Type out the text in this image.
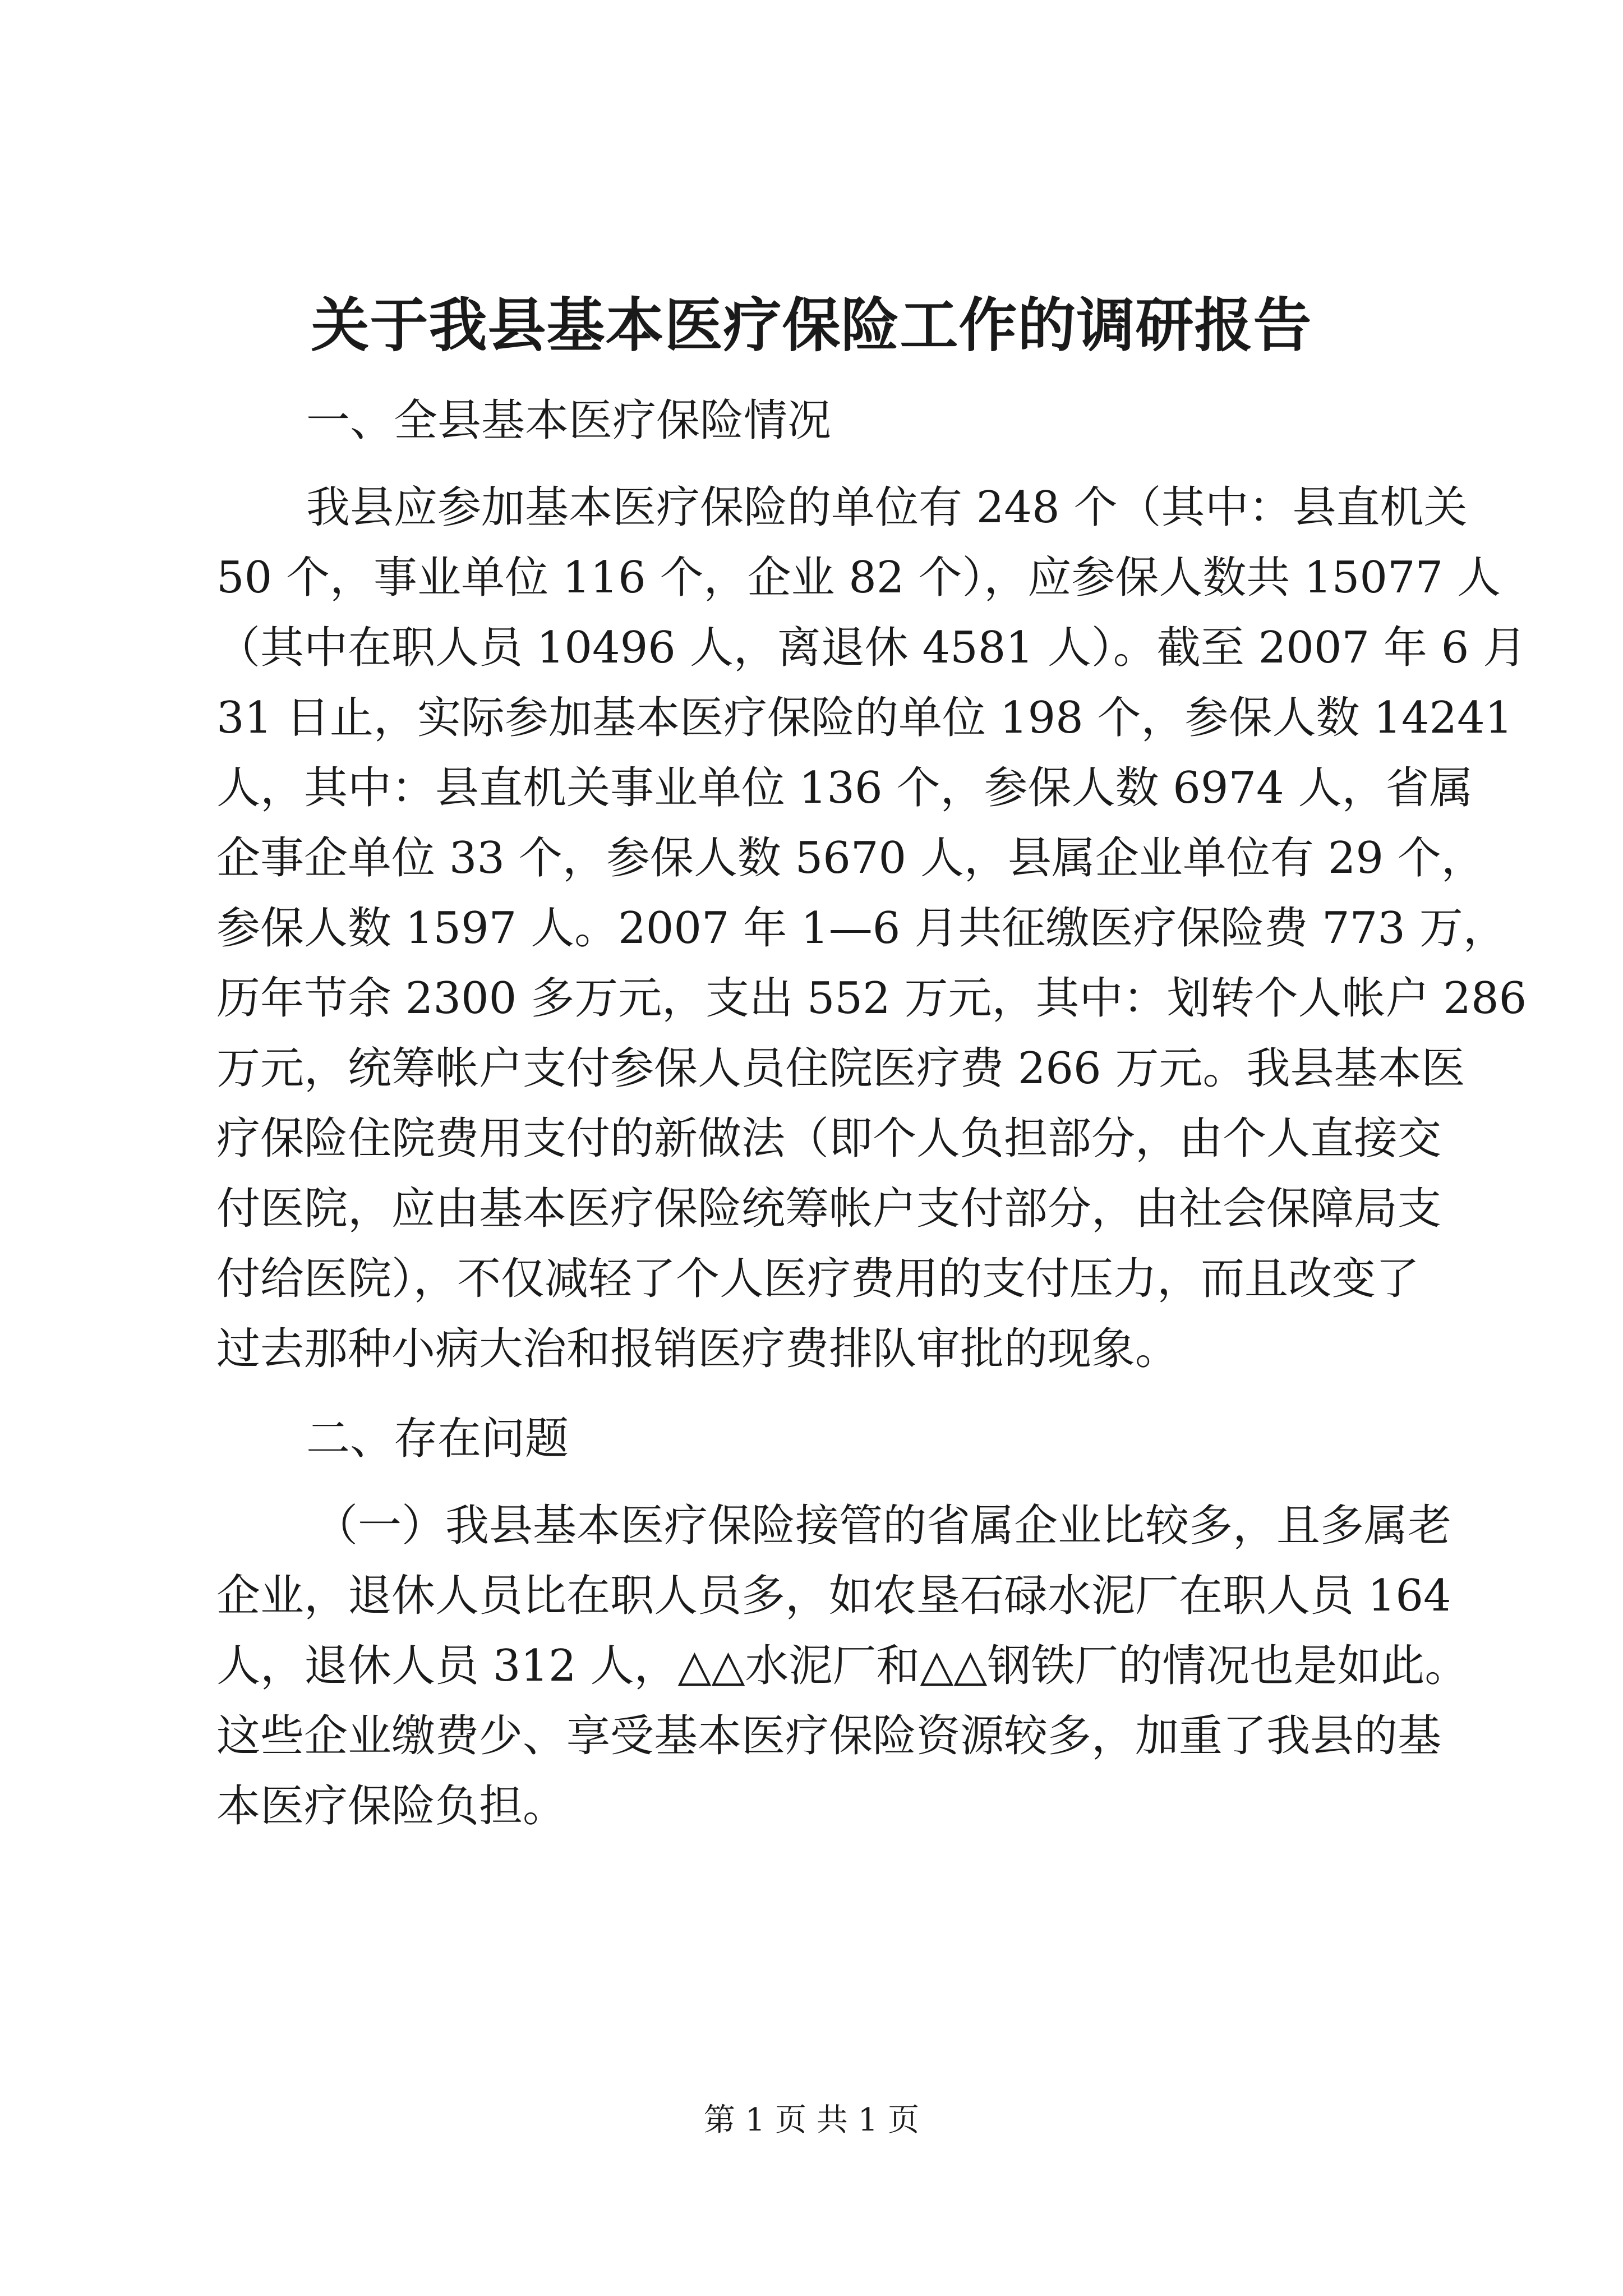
关于我县基本医疗保险工作的调研报告
一、全县基本医疗保险情况
我县应参加基本医疗保险的单位有 248 个（其中：县直机关
50 个，事业单位 116 个，企业 82 个），应参保人数共 15077 人
（其中在职人员 10496 人，离退休 4581 人）。截至 2007 年 6 月
31 日止，实际参加基本医疗保险的单位 198 个，参保人数 14241
人，其中：县直机关事业单位 136 个，参保人数 6974 人，省属
企事企单位 33 个，参保人数 5670 人，县属企业单位有 29 个，
参保人数 1597 人。2007 年 1—6 月共征缴医疗保险费 773 万，
历年节余 2300 多万元，支出 552 万元，其中：划转个人帐户 286
万元，统筹帐户支付参保人员住院医疗费 266 万元。我县基本医
疗保险住院费用支付的新做法（即个人负担部分，由个人直接交
付医院，应由基本医疗保险统筹帐户支付部分，由社会保障局支
付给医院），不仅减轻了个人医疗费用的支付压力，而且改变了
过去那种小病大治和报销医疗费排队审批的现象。
二、存在问题
（一）我县基本医疗保险接管的省属企业比较多，且多属老
企业，退休人员比在职人员多，如农垦石碌水泥厂在职人员 164
人，退休人员 312 人，△△水泥厂和△△钢铁厂的情况也是如此。
这些企业缴费少、享受基本医疗保险资源较多，加重了我县的基
本医疗保险负担。
第 1 页 共 1 页
